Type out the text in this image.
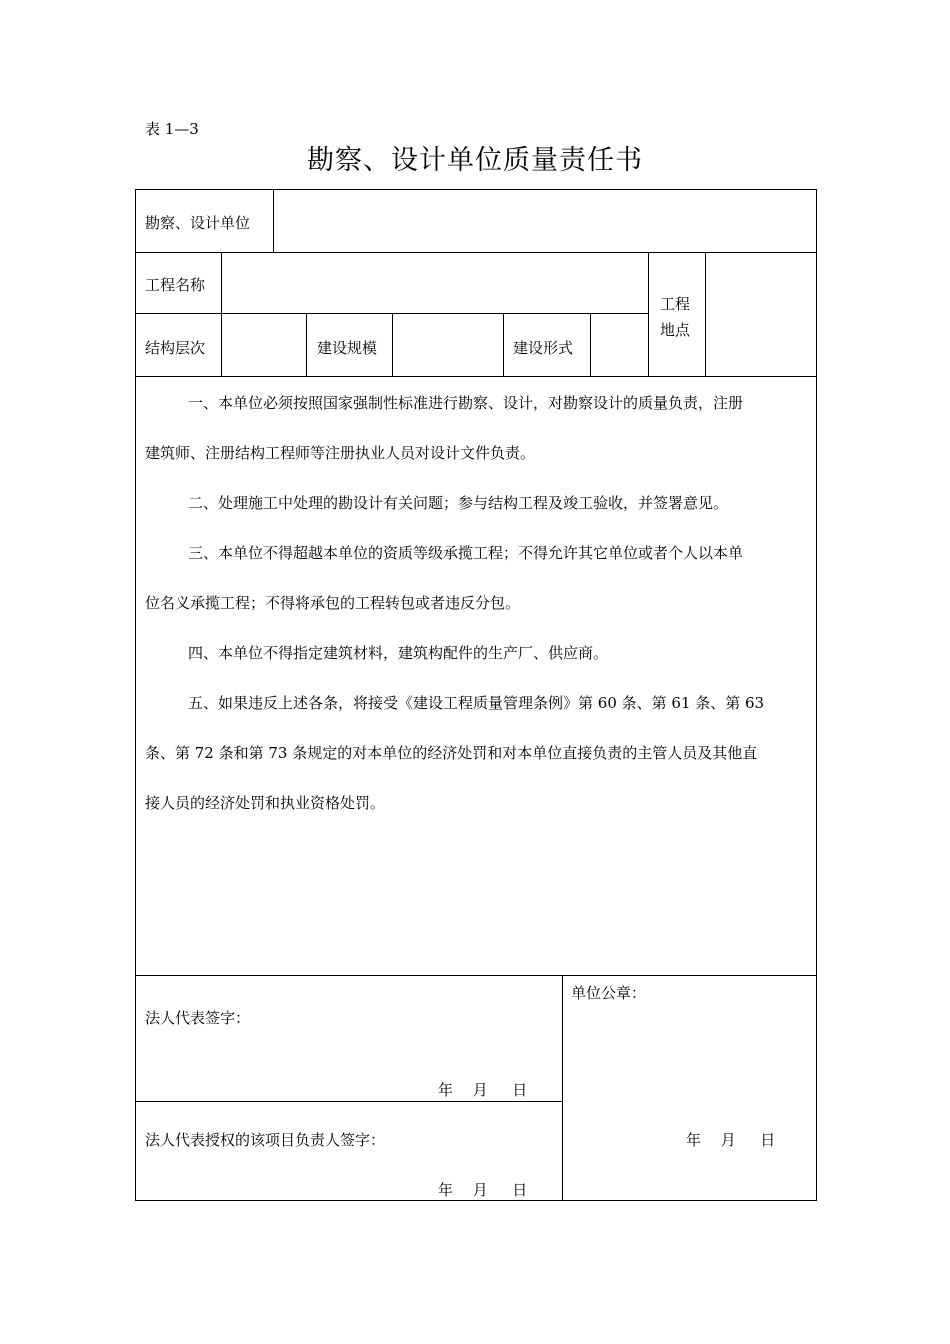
表 1—3
勘察、设计单位质量责任书
勘察、设计单位
工程名称
工程
地点
结构层次	建设规模	建设形式
一、本单位必须按照国家强制性标准进行勘察、设计，对勘察设计的质量负责，注册
建筑师、注册结构工程师等注册执业人员对设计文件负责。
二、处理施工中处理的勘设计有关问题；参与结构工程及竣工验收，并签署意见。
三、本单位不得超越本单位的资质等级承揽工程；不得允许其它单位或者个人以本单
位名义承揽工程；不得将承包的工程转包或者违反分包。
四、本单位不得指定建筑材料，建筑构配件的生产厂、供应商。
五、如果违反上述各条，将接受《建设工程质量管理条例》第 60 条、第 61 条、第 63
条、第 72 条和第 73 条规定的对本单位的经济处罚和对本单位直接负责的主管人员及其他直
接人员的经济处罚和执业资格处罚。
法人代表签字：
年　 月 　 日
法人代表授权的该项目负责人签字：
年　 月 　 日
单位公章：
年　 月 　 日
